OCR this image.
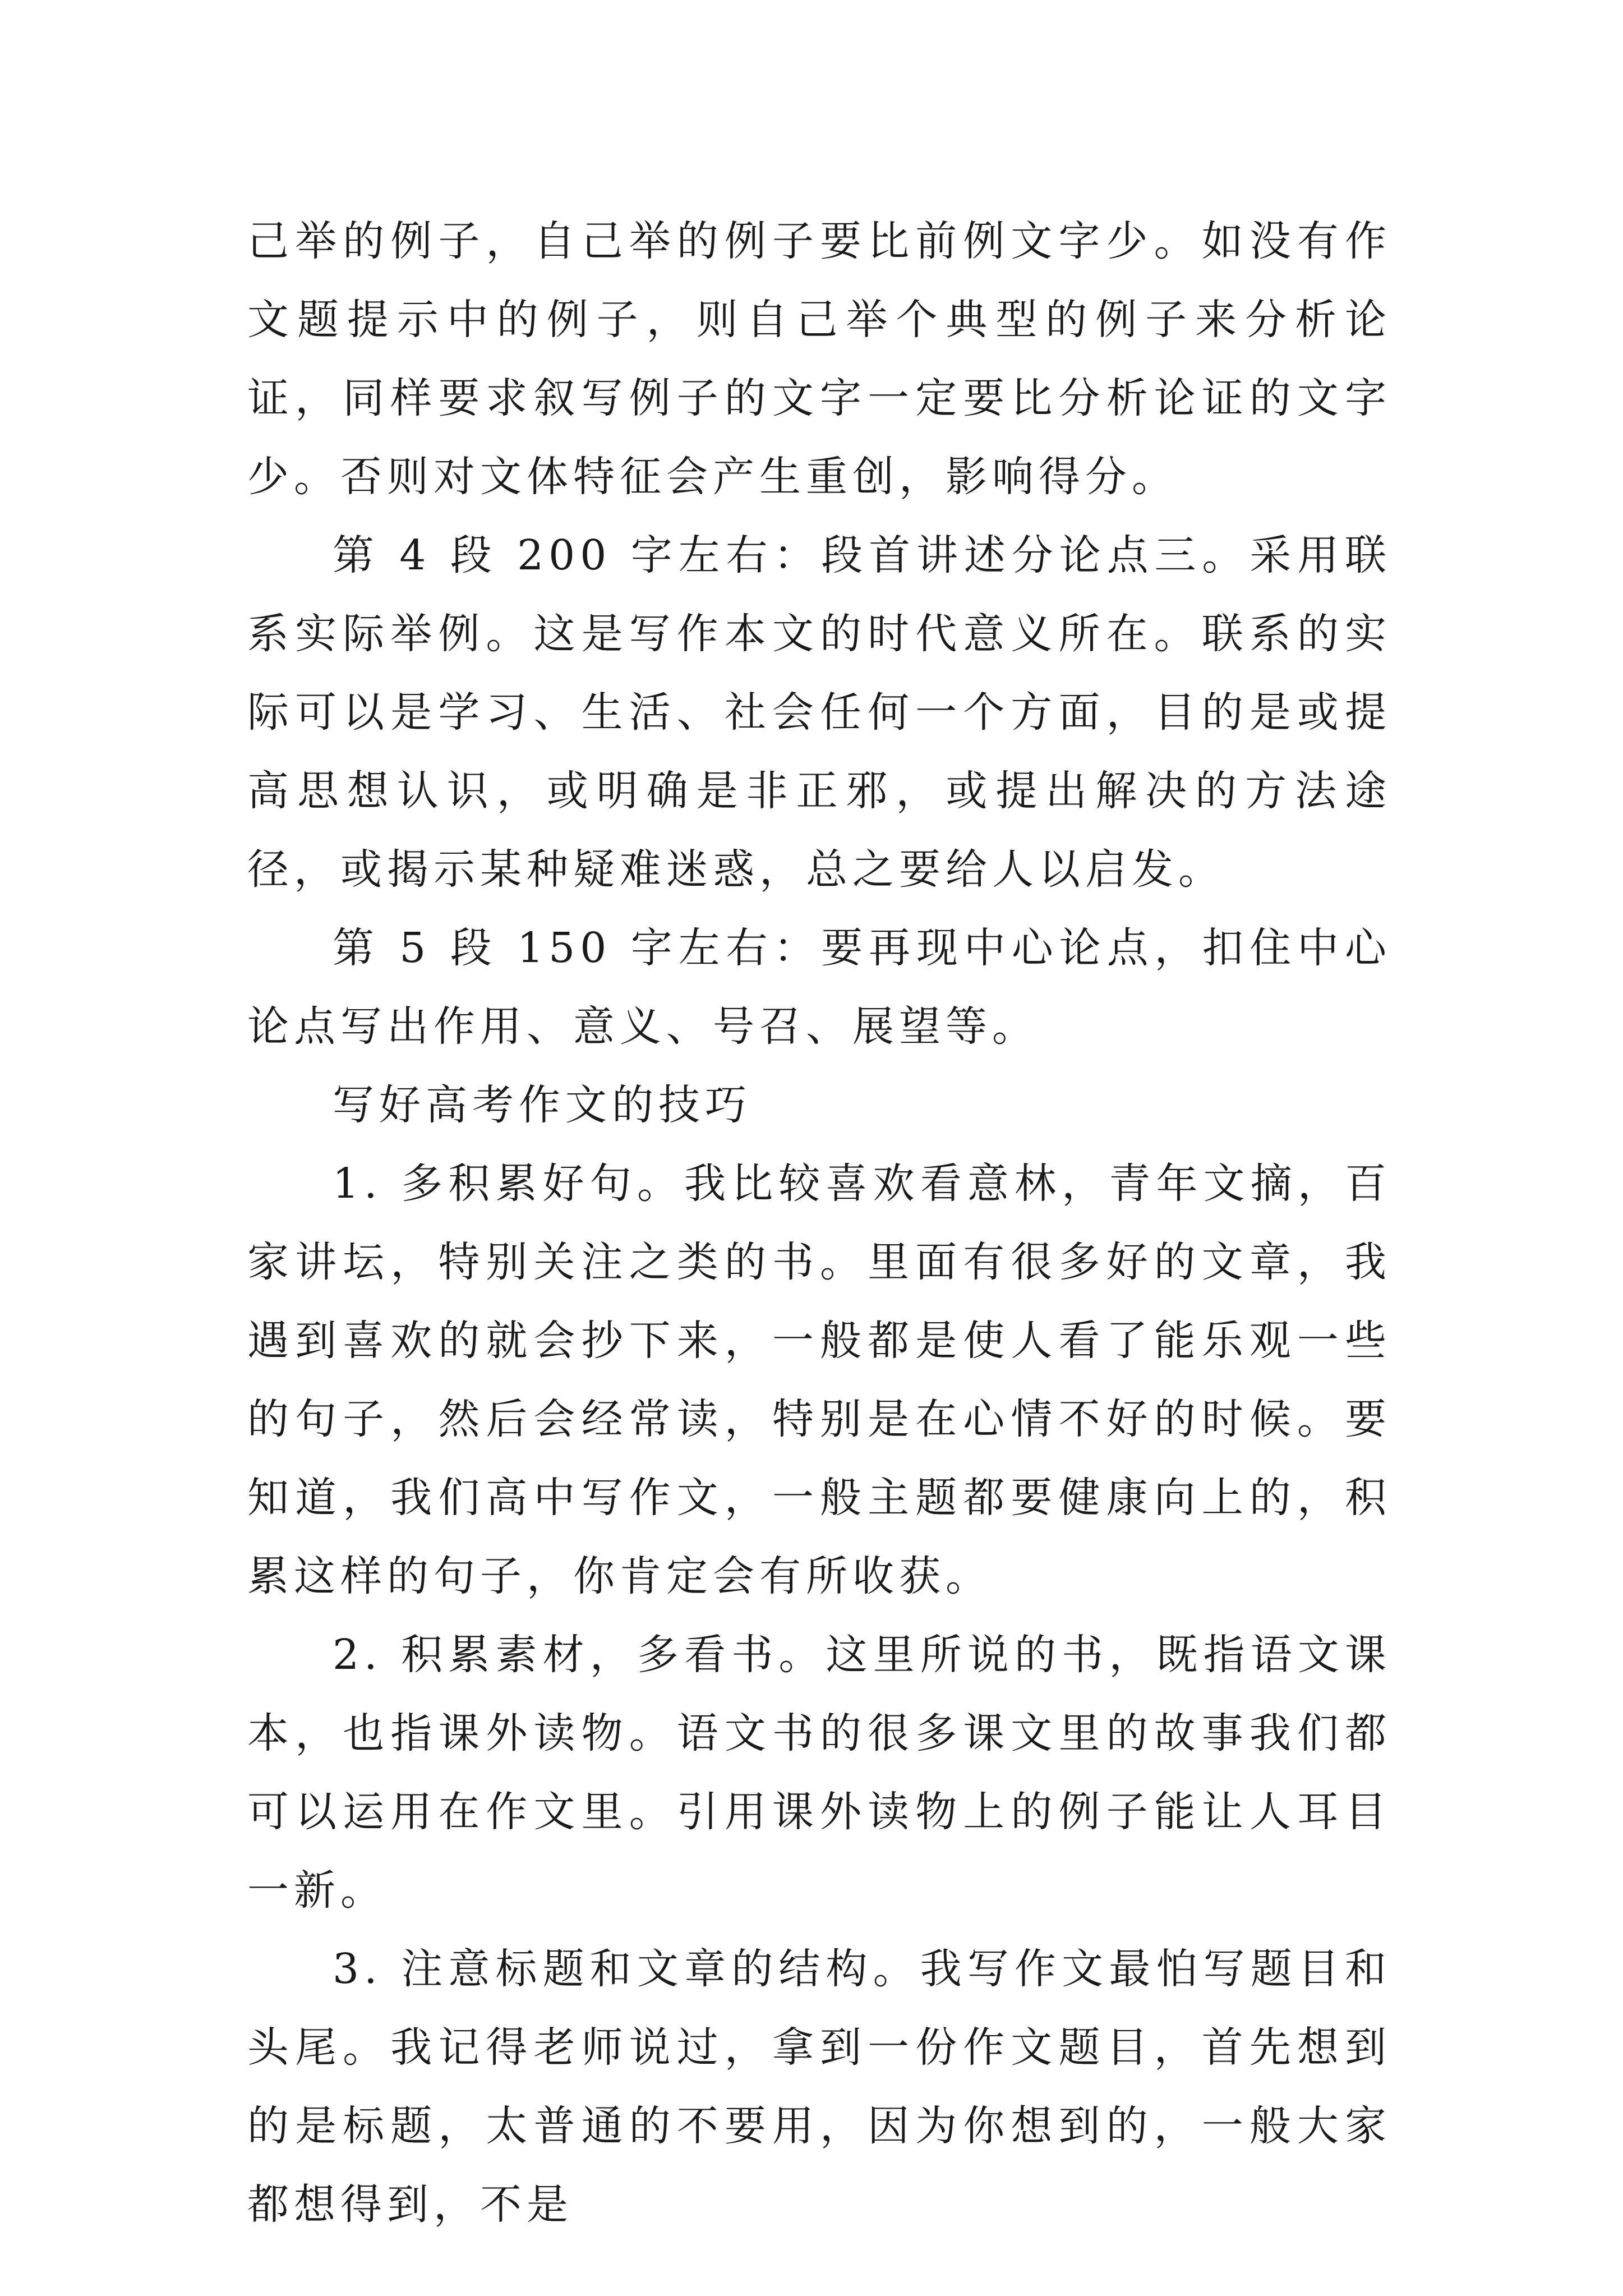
己举的例子，自己举的例子要比前例文字少。如没有作文题提示中的例子，则自己举个典型的例子来分析论证，同样要求叙写例子的文字一定要比分析论证的文字少。否则对文体特征会产生重创，影响得分。

第 4 段 200 字左右：段首讲述分论点三。采用联系实际举例。这是写作本文的时代意义所在。联系的实际可以是学习、生活、社会任何一个方面，目的是或提高思想认识，或明确是非正邪，或提出解决的方法途径，或揭示某种疑难迷惑，总之要给人以启发。

第 5 段 150 字左右：要再现中心论点，扣住中心论点写出作用、意义、号召、展望等。

写好高考作文的技巧

1. 多积累好句。我比较喜欢看意林，青年文摘，百家讲坛，特别关注之类的书。里面有很多好的文章，我遇到喜欢的就会抄下来，一般都是使人看了能乐观一些的句子，然后会经常读，特别是在心情不好的时候。要知道，我们高中写作文，一般主题都要健康向上的，积累这样的句子，你肯定会有所收获。

2. 积累素材，多看书。这里所说的书，既指语文课本，也指课外读物。语文书的很多课文里的故事我们都可以运用在作文里。引用课外读物上的例子能让人耳目一新。

3. 注意标题和文章的结构。我写作文最怕写题目和头尾。我记得老师说过，拿到一份作文题目，首先想到的是标题，太普通的不要用，因为你想到的，一般大家都想得到，不是
